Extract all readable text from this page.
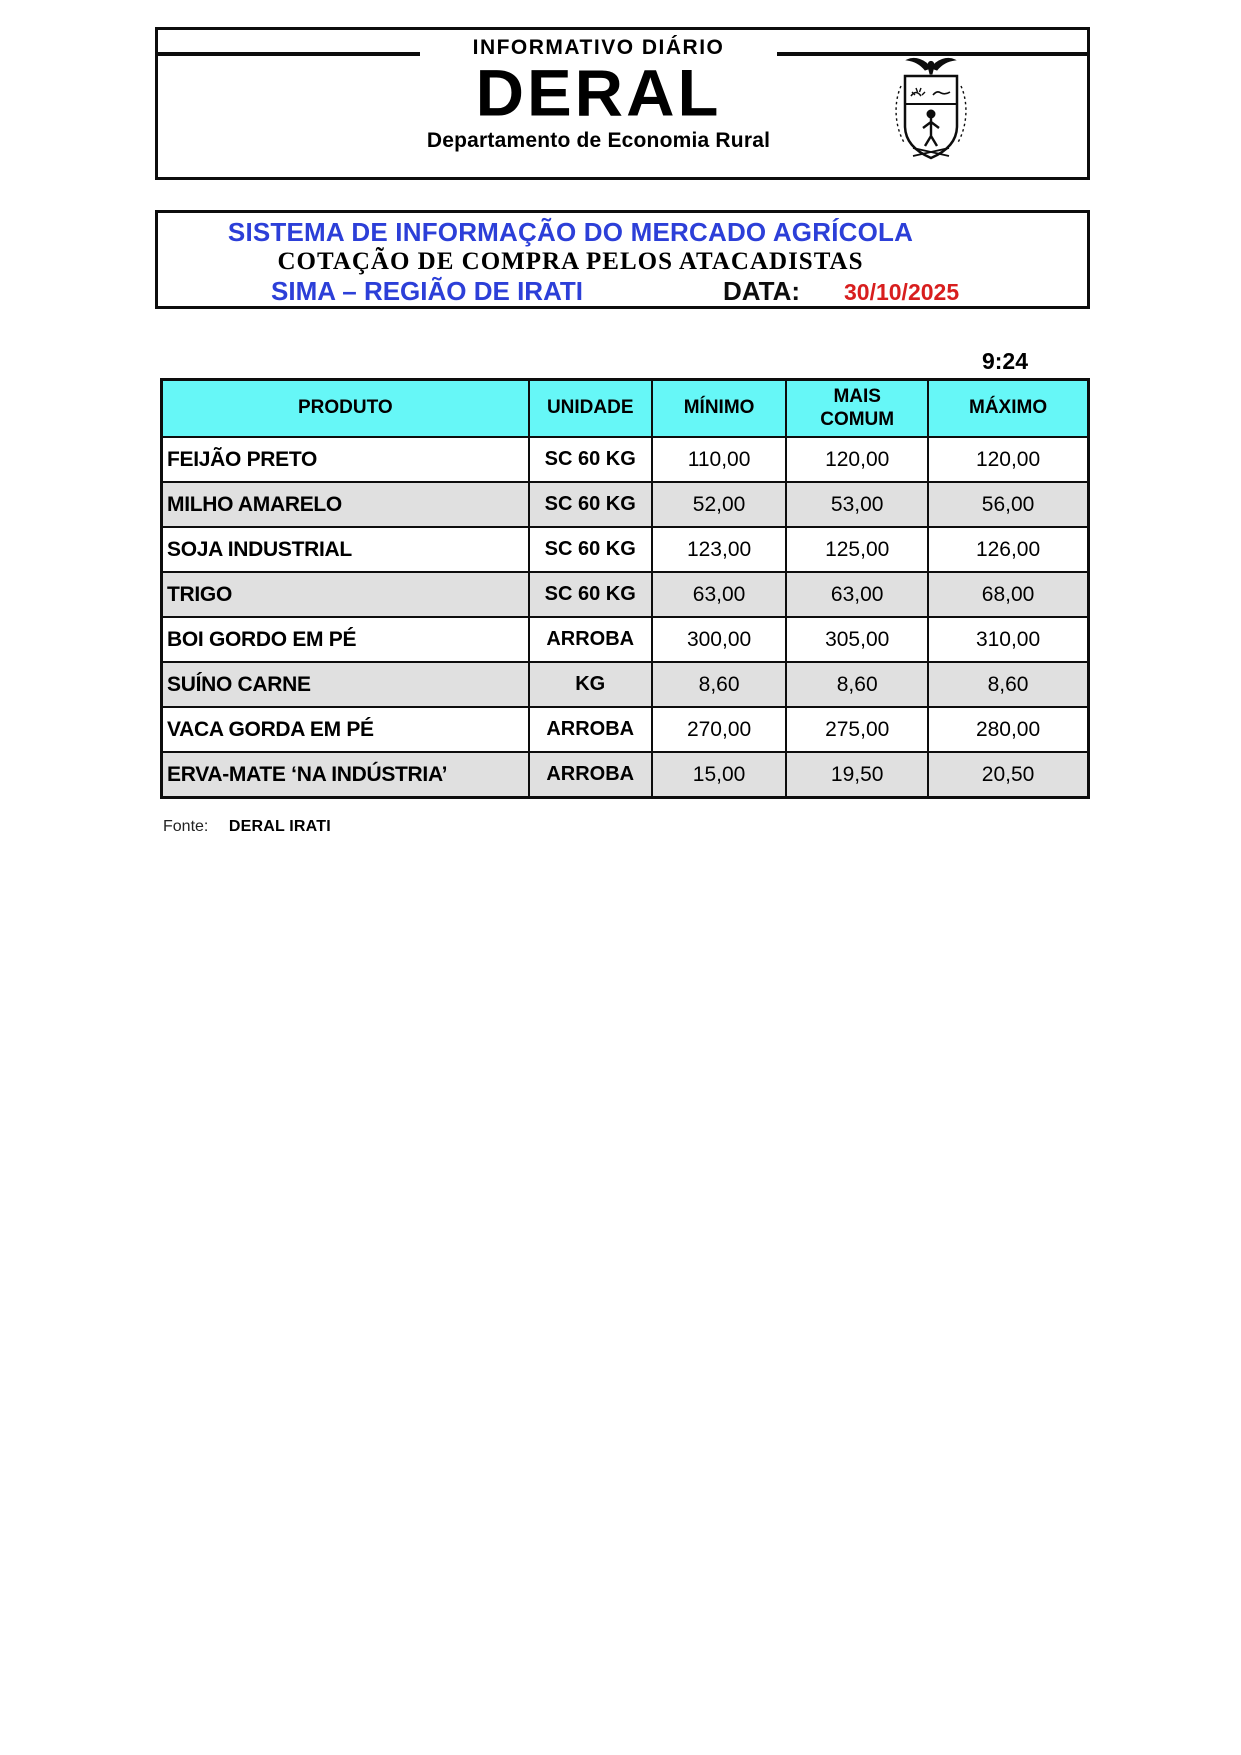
INFORMATIVO DIÁRIO
DERAL
Departamento de Economia Rural
SISTEMA DE INFORMAÇÃO DO MERCADO AGRÍCOLA
COTAÇÃO DE COMPRA PELOS ATACADISTAS
SIMA – REGIÃO DE IRATI	DATA: 30/10/2025
9:24
PRODUTO	UNIDADE	MÍNIMO	MAIS COMUM	MÁXIMO
FEIJÃO PRETO	SC 60 KG	110,00	120,00	120,00
MILHO AMARELO	SC 60 KG	52,00	53,00	56,00
SOJA INDUSTRIAL	SC 60 KG	123,00	125,00	126,00
TRIGO	SC 60 KG	63,00	63,00	68,00
BOI GORDO EM PÉ	ARROBA	300,00	305,00	310,00
SUÍNO CARNE	KG	8,60	8,60	8,60
VACA GORDA EM PÉ	ARROBA	270,00	275,00	280,00
ERVA-MATE ‘NA INDÚSTRIA’	ARROBA	15,00	19,50	20,50
Fonte: DERAL IRATI
